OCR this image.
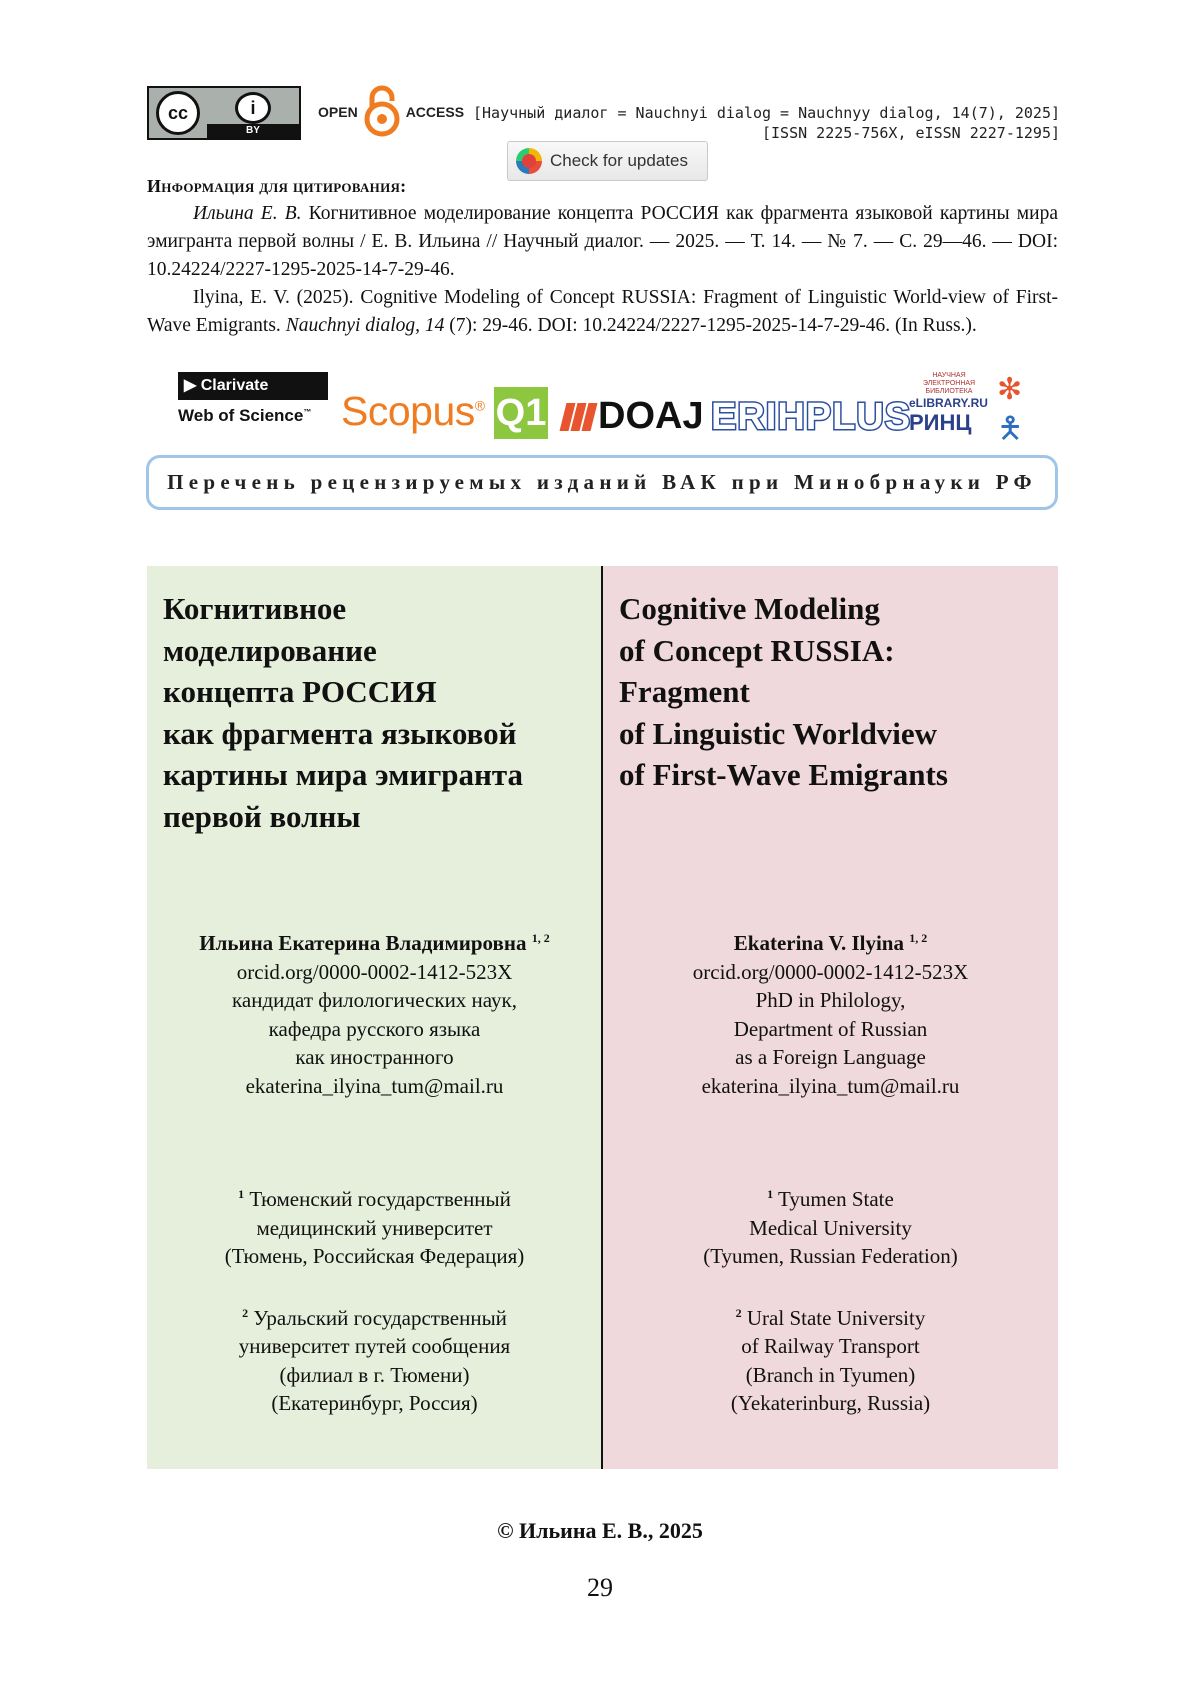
cc	i
BY
OPEN	ACCESS [Научный диалог = Nauchnyi dialog = Nauchnyy dialog, 14(7), 2025]
[ISSN 2225-756X, eISSN 2227-1295]
Check for updates
Информация для цитирования:

Ильина Е. В. Когнитивное моделирование концепта РОССИЯ как фрагмента языковой картины мира эмигранта первой волны / Е. В. Ильина // Научный диалог. — 2025. — Т. 14. — № 7. — С. 29—46. — DOI: 10.24224/2227-1295-2025-14-7-29-46.

Ilyina, E. V. (2025). Cognitive Modeling of Concept RUSSIA: Fragment of Linguistic World-view of First-Wave Emigrants. Nauchnyi dialog, 14 (7): 29-46. DOI: 10.24224/2227-1295-2025-14-7-29-46. (In Russ.).

▶ Clarivate
Web of Science™ Scopus® Q1 DOAJ ERIHPLUS
НАУЧНАЯ ЭЛЕКТРОННАЯ БИБЛИОТЕКА
eLIBRARY.RU
РИНЦ
✻
🯅
Перечень рецензируемых изданий ВАК при Минобрнауки РФ
Когнитивное
моделирование
концепта РОССИЯ
как фрагмента языковой
картины мира эмигранта
первой волны
Ильина Екатерина Владимировна $^{1, 2}$
orcid.org/0000-0002-1412-523X
кандидат филологических наук,
кафедра русского языка
как иностранного
ekaterina_ilyina_tum@mail.ru
$^1$ Тюменский государственный
медицинский университет
(Тюмень, Российская Федерация)
$^2$ Уральский государственный
университет путей сообщения
(филиал в г. Тюмени)
(Екатеринбург, Россия)
Cognitive Modeling
of Concept RUSSIA:
Fragment
of Linguistic Worldview
of First-Wave Emigrants
Ekaterina V. Ilyina $^{1, 2}$
orcid.org/0000-0002-1412-523X
PhD in Philology,
Department of Russian
as a Foreign Language
ekaterina_ilyina_tum@mail.ru
$^1$ Tyumen State
Medical University
(Tyumen, Russian Federation)
$^2$ Ural State University
of Railway Transport
(Branch in Tyumen)
(Yekaterinburg, Russia)
© Ильина Е. В., 2025
29
